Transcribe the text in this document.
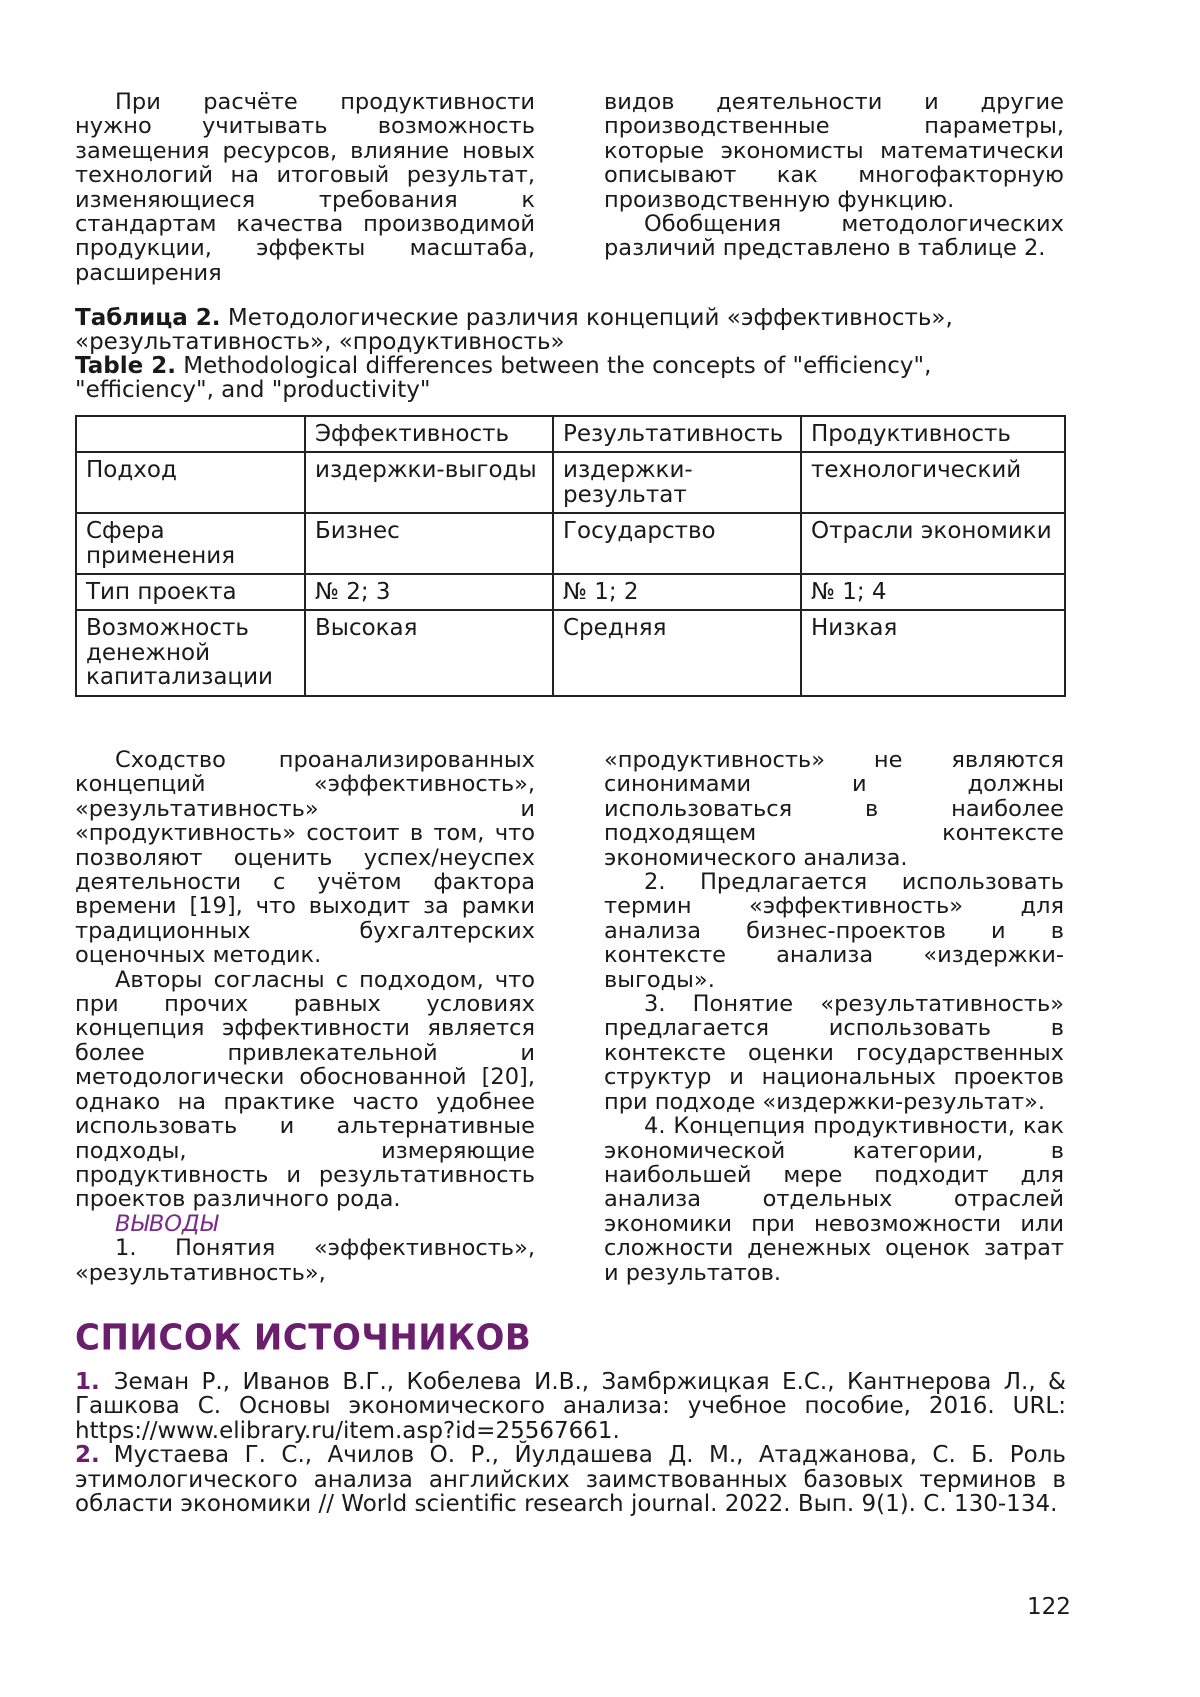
При расчёте продуктивности нужно учитывать возможность замещения ресурсов, влияние новых технологий на итоговый результат, изменяющиеся требования к стандартам качества производимой продукции, эффекты масштаба, расширения

видов деятельности и другие производственные параметры, которые экономисты математически описывают как многофакторную производственную функцию.

Обобщения методологических различий представлено в таблице 2.

Таблица 2. Методологические различия концепций «эффективность», «результативность», «продуктивность»
Table 2. Methodological differences between the concepts of "efficiency", "efficiency", and "productivity"
	Эффективность	Результативность	Продуктивность
Подход	издержки-выгоды	издержки-результат	технологический
Сфера применения	Бизнес	Государство	Отрасли экономики
Тип проекта	№ 2; 3	№ 1; 2	№ 1; 4
Возможность денежной капитализации	Высокая	Средняя	Низкая

Сходство проанализированных концепций «эффективность», «результативность» и «продуктивность» состоит в том, что позволяют оценить успех/неуспех деятельности с учётом фактора времени [19], что выходит за рамки традиционных бухгалтерских оценочных методик.

Авторы согласны с подходом, что при прочих равных условиях концепция эффективности является более привлекательной и методологически обоснованной [20], однако на практике часто удобнее использовать и альтернативные подходы, измеряющие продуктивность и результативность проектов различного рода.

ВЫВОДЫ

1. Понятия «эффективность», «результативность»,

«продуктивность» не являются синонимами и должны использоваться в наиболее подходящем контексте экономического анализа.

2. Предлагается использовать термин «эффективность» для анализа бизнес-проектов и в контексте анализа «издержки-выгоды».

3. Понятие «результативность» предлагается использовать в контексте оценки государственных структур и национальных проектов при подходе «издержки-результат».

4. Концепция продуктивности, как экономической категории, в наибольшей мере подходит для анализа отдельных отраслей экономики при невозможности или сложности денежных оценок затрат и результатов.

СПИСОК ИСТОЧНИКОВ

1. Земан Р., Иванов В.Г., Кобелева И.В., Замбржицкая Е.С., Кантнерова Л., & Гашкова С. Основы экономического анализа: учебное пособие, 2016. URL: https://www.elibrary.ru/item.asp?id=25567661.

2. Мустаева Г. С., Ачилов О. Р., Йулдашева Д. М., Атаджанова, С. Б. Роль этимологического анализа английских заимствованных базовых терминов в области экономики // World scientific research journal. 2022. Вып. 9(1). С. 130-134.

122
